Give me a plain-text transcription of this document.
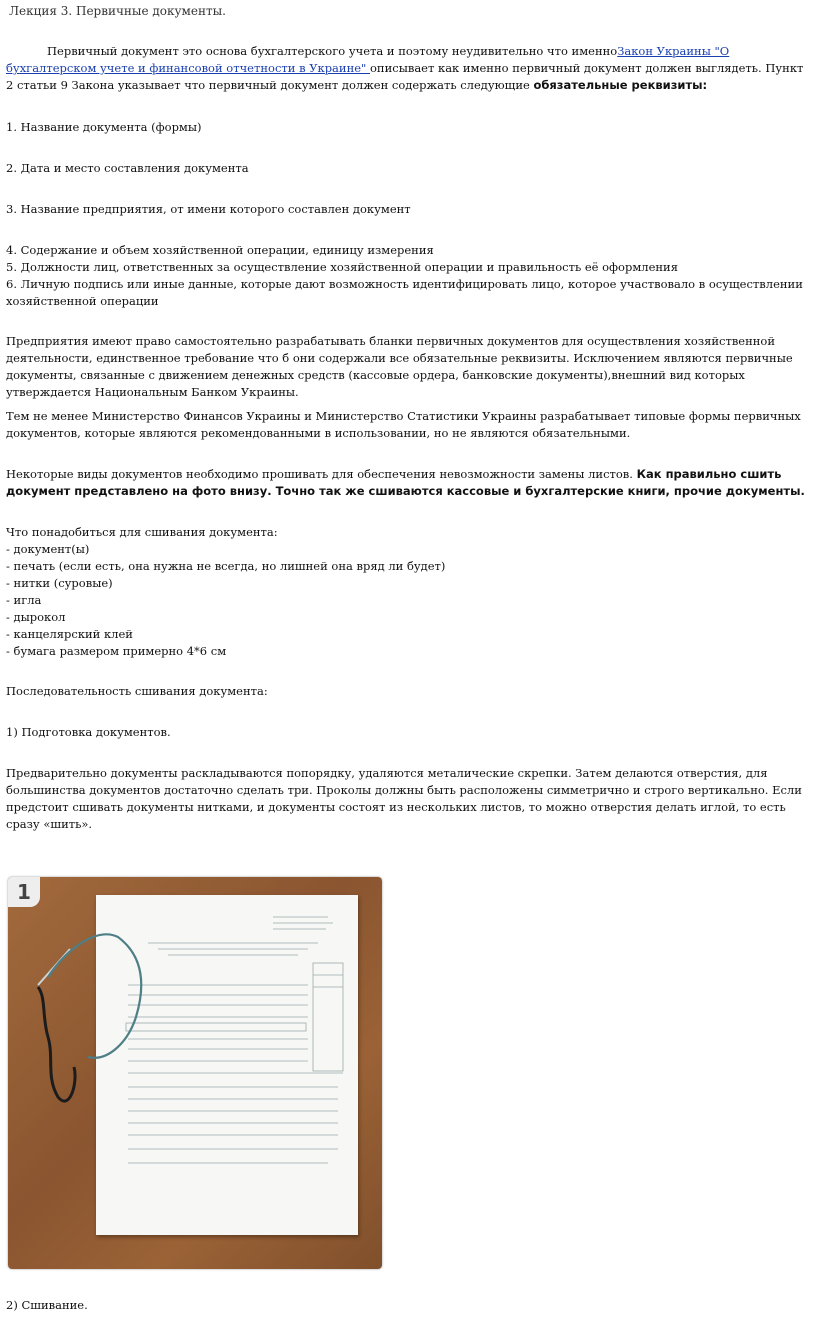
Лекция 3. Первичные документы.

Первичный документ это основа бухгалтерского учета и поэтому неудивительно что именноЗакон Украины "О бухгалтерском учете и финансовой отчетности в Украине" описывает как именно первичный документ должен выглядеть. Пункт 2 статьи 9 Закона указывает что первичный документ должен содержать следующие обязательные реквизиты:

1. Название документа (формы)
2. Дата и место составления документа
3. Название предприятия, от имени которого составлен документ
4. Содержание и объем хозяйственной операции, единицу измерения
5. Должности лиц, ответственных за осуществление хозяйственной операции и правильность её оформления
6. Личную подпись или иные данные, которые дают возможность идентифицировать лицо, которое участвовало в осуществлении хозяйственной операции

Предприятия имеют право самостоятельно разрабатывать бланки первичных документов для осуществления хозяйственной деятельности, единственное требование что б они содержали все обязательные реквизиты. Исключением являются первичные документы, связанные с движением денежных средств (кассовые ордера, банковские документы),внешний вид которых утверждается Национальным Банком Украины.

Тем не менее Министерство Финансов Украины и Министерство Статистики Украины разрабатывает типовые формы первичных документов, которые являются рекомендованными в использовании, но не являются обязательными.

Некоторые виды документов необходимо прошивать для обеспечения невозможности замены листов. Как правильно сшить документ представлено на фото внизу. Точно так же сшиваются кассовые и бухгалтерские книги, прочие документы.

Что понадобиться для сшивания документа:
- документ(ы)
- печать (если есть, она нужна не всегда, но лишней она вряд ли будет)
- нитки (суровые)
- игла
- дырокол
- канцелярский клей
- бумага размером примерно 4*6 см
Последовательность сшивания документа:
1) Подготовка документов.

Предварительно документы раскладываются попорядку, удаляются металические скрепки. Затем делаются отверстия, для большинства документов достаточно сделать три. Проколы должны быть расположены симметрично и строго вертикально. Если предстоит сшивать документы нитками, и документы состоят из нескольких листов, то можно отверстия делать иглой, то есть сразу «шить».

1
2) Сшивание.
